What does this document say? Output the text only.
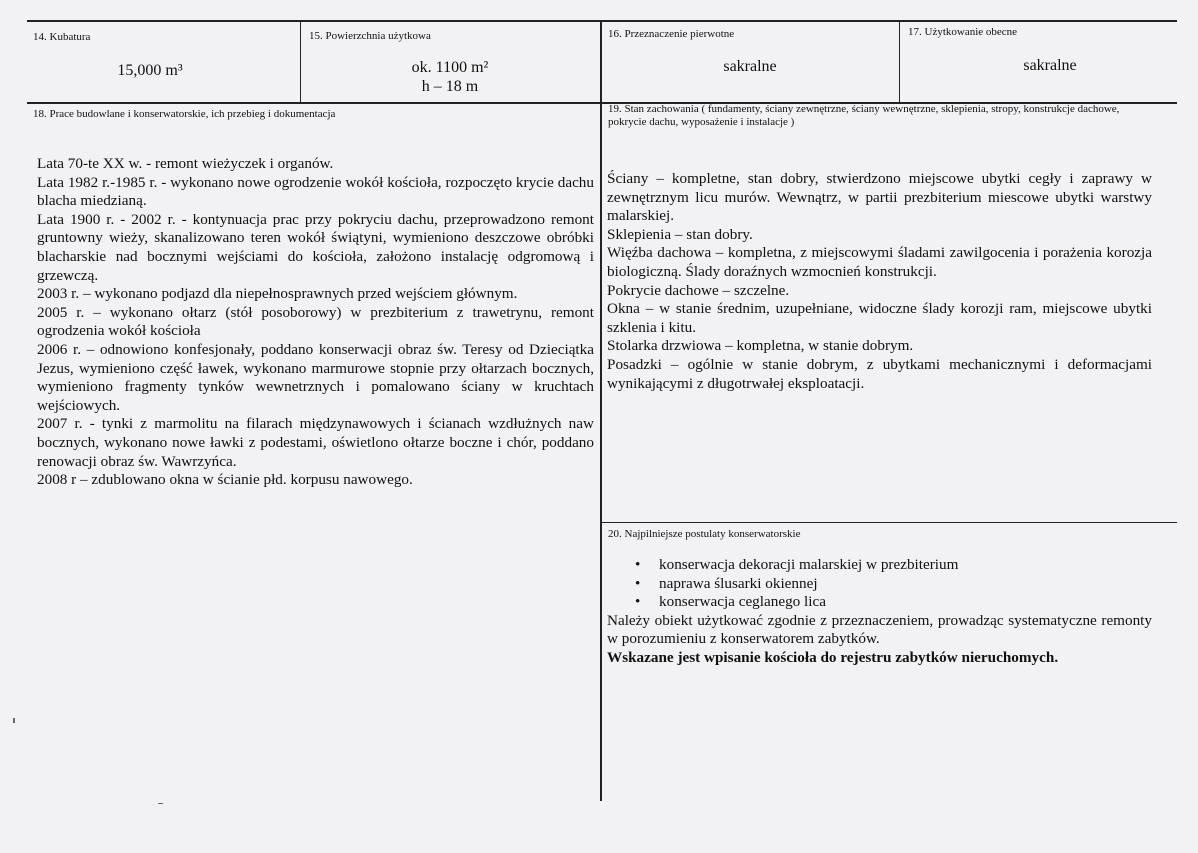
14. Kubatura
15,000 m³
15. Powierzchnia użytkowa
ok. 1100 m²
h – 18 m
16. Przeznaczenie pierwotne
sakralne
17. Użytkowanie obecne
sakralne
18. Prace budowlane i konserwatorskie, ich przebieg i dokumentacja

Lata 70-te XX w. - remont wieżyczek i organów.

Lata 1982 r.-1985 r. - wykonano nowe ogrodzenie wokół kościoła, rozpoczęto krycie dachu blacha miedzianą.

Lata 1900 r. - 2002 r. - kontynuacja prac przy pokryciu dachu, przeprowadzono remont gruntowny wieży, skanalizowano teren wokół świątyni, wymieniono deszczowe obróbki blacharskie nad bocznymi wejściami do kościoła, założono instalację odgromową i grzewczą.

2003 r. – wykonano podjazd dla niepełnosprawnych przed wejściem głównym.

2005 r. – wykonano ołtarz (stół posoborowy) w prezbiterium z trawetrynu, remont ogrodzenia wokół kościoła

2006 r. – odnowiono konfesjonały, poddano konserwacji obraz św. Teresy od Dzieciątka Jezus, wymieniono część ławek, wykonano marmurowe stopnie przy ołtarzach bocznych, wymieniono fragmenty tynków wewnetrznych i pomalowano ściany w kruchtach wejściowych.

2007 r. - tynki z marmolitu na filarach międzynawowych i ścianach wzdłużnych naw bocznych, wykonano nowe ławki z podestami, oświetlono ołtarze boczne i chór, poddano renowacji obraz św. Wawrzyńca.

2008 r – zdublowano okna w ścianie płd. korpusu nawowego.

19. Stan zachowania ( fundamenty, ściany zewnętrzne, ściany wewnętrzne, sklepienia, stropy, konstrukcje dachowe, pokrycie dachu, wyposażenie i instalacje )

Ściany – kompletne, stan dobry, stwierdzono miejscowe ubytki cegły i zaprawy w zewnętrznym licu murów. Wewnątrz, w partii prezbiterium miescowe ubytki warstwy malarskiej.

Sklepienia – stan dobry.

Więźba dachowa – kompletna, z miejscowymi śladami zawilgocenia i porażenia korozja biologiczną. Ślady doraźnych wzmocnień konstrukcji.

Pokrycie dachowe – szczelne.

Okna – w stanie średnim, uzupełniane, widoczne ślady korozji ram, miejscowe ubytki szklenia i kitu.

Stolarka drzwiowa – kompletna, w stanie dobrym.

Posadzki – ogólnie w stanie dobrym, z ubytkami mechanicznymi i deformacjami wynikającymi z długotrwałej eksploatacji.

20. Najpilniejsze postulaty konserwatorskie
• konserwacja dekoracji malarskiej w prezbiterium
• naprawa ślusarki okiennej
• konserwacja ceglanego lica

Należy obiekt użytkować zgodnie z przeznaczeniem, prowadząc systematyczne remonty w porozumieniu z konserwatorem zabytków.

Wskazane jest wpisanie kościoła do rejestru zabytków nieruchomych.
